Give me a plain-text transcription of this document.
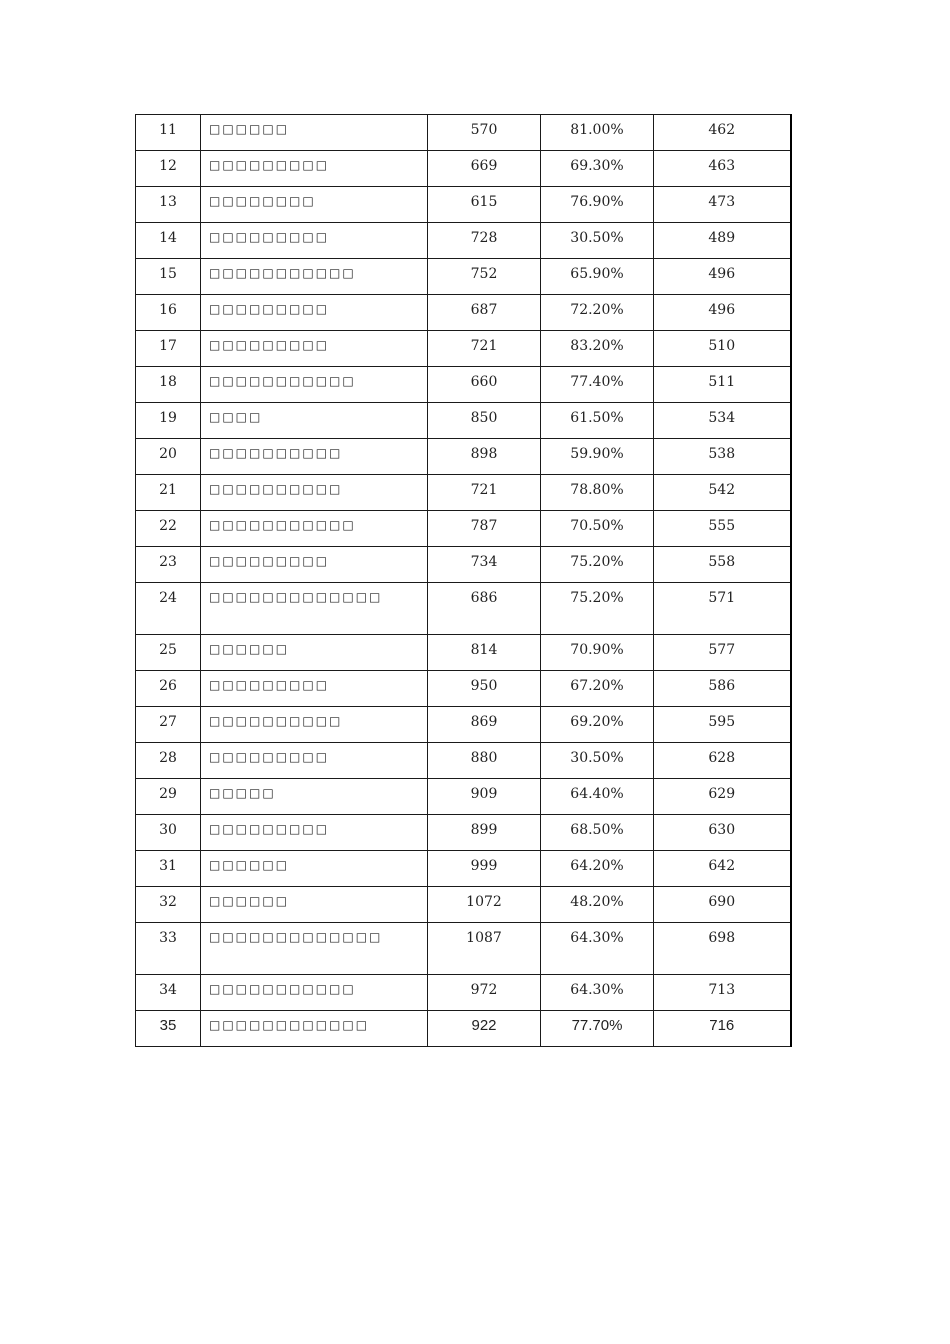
11	□□□□□□	570	81.00%	462
12	□□□□□□□□□	669	69.30%	463
13	□□□□□□□□	615	76.90%	473
14	□□□□□□□□□	728	30.50%	489
15	□□□□□□□□□□□	752	65.90%	496
16	□□□□□□□□□	687	72.20%	496
17	□□□□□□□□□	721	83.20%	510
18	□□□□□□□□□□□	660	77.40%	511
19	□□□□	850	61.50%	534
20	□□□□□□□□□□	898	59.90%	538
21	□□□□□□□□□□	721	78.80%	542
22	□□□□□□□□□□□	787	70.50%	555
23	□□□□□□□□□	734	75.20%	558
24	□□□□□□□□□□□□□	686	75.20%	571
25	□□□□□□	814	70.90%	577
26	□□□□□□□□□	950	67.20%	586
27	□□□□□□□□□□	869	69.20%	595
28	□□□□□□□□□	880	30.50%	628
29	□□□□□	909	64.40%	629
30	□□□□□□□□□	899	68.50%	630
31	□□□□□□	999	64.20%	642
32	□□□□□□	1072	48.20%	690
33	□□□□□□□□□□□□□	1087	64.30%	698
34	□□□□□□□□□□□	972	64.30%	713
35	□□□□□□□□□□□□	922	77.70%	716
